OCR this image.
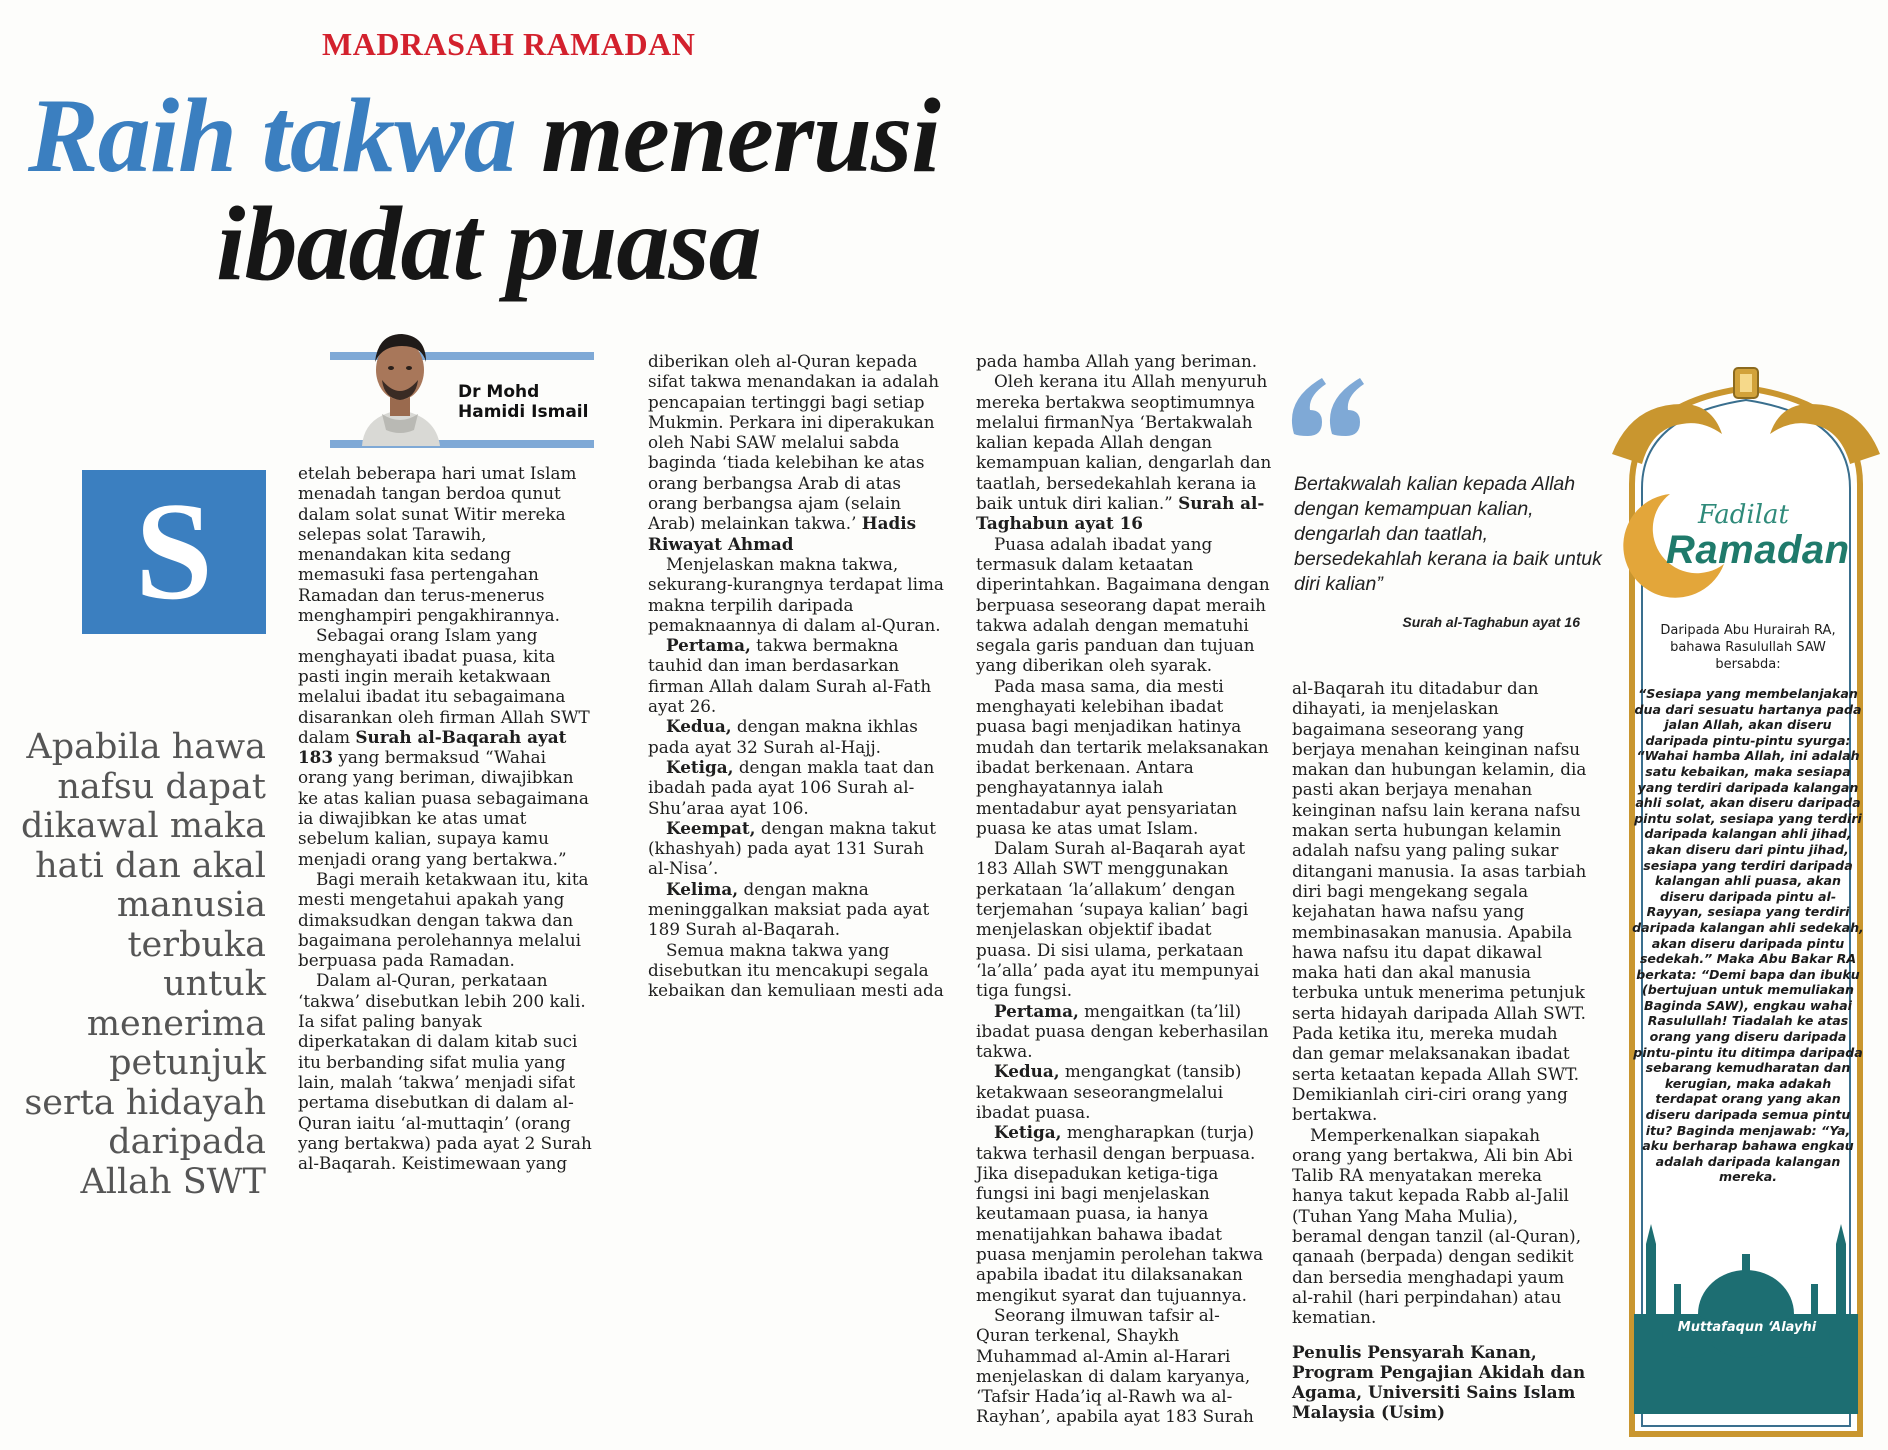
MADRASAH RAMADAN
Raih takwa menerusi
ibadat puasa
Dr Mohd
Hamidi Ismail
S
Apabila hawa nafsu dapat dikawal maka hati dan akal manusia terbuka untuk menerima petunjuk serta hidayah daripada Allah SWT

etelah beberapa hari umat Islam menadah tangan berdoa qunut dalam solat sunat Witir mereka selepas solat Tarawih, menandakan kita sedang memasuki fasa pertengahan Ramadan dan terus-menerus menghampiri pengakhirannya.

Sebagai orang Islam yang menghayati ibadat puasa, kita pasti ingin meraih ketakwaan melalui ibadat itu sebagaimana disarankan oleh firman Allah SWT dalam Surah al-Baqarah ayat 183 yang bermaksud “Wahai orang yang beriman, diwajibkan ke atas kalian puasa sebagaimana ia diwajibkan ke atas umat sebelum kalian, supaya kamu menjadi orang yang bertakwa.”

Bagi meraih ketakwaan itu, kita mesti mengetahui apakah yang dimaksudkan dengan takwa dan bagaimana perolehannya melalui berpuasa pada Ramadan.

Dalam al-Quran, perkataan ‘takwa’ disebutkan lebih 200 kali. Ia sifat paling banyak diperkatakan di dalam kitab suci itu berbanding sifat mulia yang lain, malah ‘takwa’ menjadi sifat pertama disebutkan di dalam al-Quran iaitu ‘al-muttaqin’ (orang yang bertakwa) pada ayat 2 Surah al-Baqarah. Keistimewaan yang

diberikan oleh al-Quran kepada sifat takwa menandakan ia adalah pencapaian tertinggi bagi setiap Mukmin. Perkara ini diperakukan oleh Nabi SAW melalui sabda baginda ‘tiada kelebihan ke atas orang berbangsa Arab di atas orang berbangsa ajam (selain Arab) melainkan takwa.’ Hadis Riwayat Ahmad

Menjelaskan makna takwa, sekurang-kurangnya terdapat lima makna terpilih daripada pemaknaannya di dalam al-Quran.

Pertama, takwa bermakna tauhid dan iman berdasarkan firman Allah dalam Surah al-Fath ayat 26.

Kedua, dengan makna ikhlas pada ayat 32 Surah al-Hajj.

Ketiga, dengan makla taat dan ibadah pada ayat 106 Surah al-Shu’araa ayat 106.

Keempat, dengan makna takut (khashyah) pada ayat 131 Surah al-Nisa’.

Kelima, dengan makna meninggalkan maksiat pada ayat 189 Surah al-Baqarah.

Semua makna takwa yang disebutkan itu mencakupi segala kebaikan dan kemuliaan mesti ada

pada hamba Allah yang beriman.

Oleh kerana itu Allah menyuruh mereka bertakwa seoptimumnya melalui firmanNya ‘Bertakwalah kalian kepada Allah dengan kemampuan kalian, dengarlah dan taatlah, bersedekahlah kerana ia baik untuk diri kalian.” Surah al-Taghabun ayat 16

Puasa adalah ibadat yang termasuk dalam ketaatan diperintahkan. Bagaimana dengan berpuasa seseorang dapat meraih takwa adalah dengan mematuhi segala garis panduan dan tujuan yang diberikan oleh syarak.

Pada masa sama, dia mesti menghayati kelebihan ibadat puasa bagi menjadikan hatinya mudah dan tertarik melaksanakan ibadat berkenaan. Antara penghayatannya ialah mentadabur ayat pensyariatan puasa ke atas umat Islam.

Dalam Surah al-Baqarah ayat 183 Allah SWT menggunakan perkataan ‘la’allakum’ dengan terjemahan ‘supaya kalian’ bagi menjelaskan objektif ibadat puasa. Di sisi ulama, perkataan ‘la’alla’ pada ayat itu mempunyai tiga fungsi.

Pertama, mengaitkan (ta’lil) ibadat puasa dengan keberhasilan takwa.

Kedua, mengangkat (tansib) ketakwaan seseorangmelalui ibadat puasa.

Ketiga, mengharapkan (turja) takwa terhasil dengan berpuasa. Jika disepadukan ketiga-tiga fungsi ini bagi menjelaskan keutamaan puasa, ia hanya menatijahkan bahawa ibadat puasa menjamin perolehan takwa apabila ibadat itu dilaksanakan mengikut syarat dan tujuannya.

Seorang ilmuwan tafsir al-Quran terkenal, Shaykh Muhammad al-Amin al-Harari menjelaskan di dalam karyanya, ‘Tafsir Hada’iq al-Rawh wa al-Rayhan’, apabila ayat 183 Surah

Bertakwalah kalian kepada Allah dengan kemampuan kalian, dengarlah dan taatlah, bersedekahlah kerana ia baik untuk diri kalian”
Surah al-Taghabun ayat 16

al-Baqarah itu ditadabur dan dihayati, ia menjelaskan bagaimana seseorang yang berjaya menahan keinginan nafsu makan dan hubungan kelamin, dia pasti akan berjaya menahan keinginan nafsu lain kerana nafsu makan serta hubungan kelamin adalah nafsu yang paling sukar ditangani manusia. Ia asas tarbiah diri bagi mengekang segala kejahatan hawa nafsu yang membinasakan manusia. Apabila hawa nafsu itu dapat dikawal maka hati dan akal manusia terbuka untuk menerima petunjuk serta hidayah daripada Allah SWT. Pada ketika itu, mereka mudah dan gemar melaksanakan ibadat serta ketaatan kepada Allah SWT. Demikianlah ciri-ciri orang yang bertakwa.

Memperkenalkan siapakah orang yang bertakwa, Ali bin Abi Talib RA menyatakan mereka hanya takut kepada Rabb al-Jalil (Tuhan Yang Maha Mulia), beramal dengan tanzil (al-Quran), qanaah (berpada) dengan sedikit dan bersedia menghadapi yaum al-rahil (hari perpindahan) atau kematian.

Penulis Pensyarah Kanan, Program Pengajian Akidah dan Agama, Universiti Sains Islam Malaysia (Usim)

Fadilat
Ramadan
Daripada Abu Hurairah RA, bahawa Rasulullah SAW bersabda:
“Sesiapa yang membelanjakan dua dari sesuatu hartanya pada jalan Allah, akan diseru daripada pintu-pintu syurga: “Wahai hamba Allah, ini adalah satu kebaikan, maka sesiapa yang terdiri daripada kalangan ahli solat, akan diseru daripada pintu solat, sesiapa yang terdiri daripada kalangan ahli jihad, akan diseru dari pintu jihad, sesiapa yang terdiri daripada kalangan ahli puasa, akan diseru daripada pintu al-Rayyan, sesiapa yang terdiri daripada kalangan ahli sedekah, akan diseru daripada pintu sedekah.” Maka Abu Bakar RA berkata: “Demi bapa dan ibuku (bertujuan untuk memuliakan Baginda SAW), engkau wahai Rasulullah! Tiadalah ke atas orang yang diseru daripada pintu-pintu itu ditimpa daripada sebarang kemudharatan dan kerugian, maka adakah terdapat orang yang akan diseru daripada semua pintu itu? Baginda menjawab: “Ya, aku berharap bahawa engkau adalah daripada kalangan mereka.
Muttafaqun ‘Alayhi
